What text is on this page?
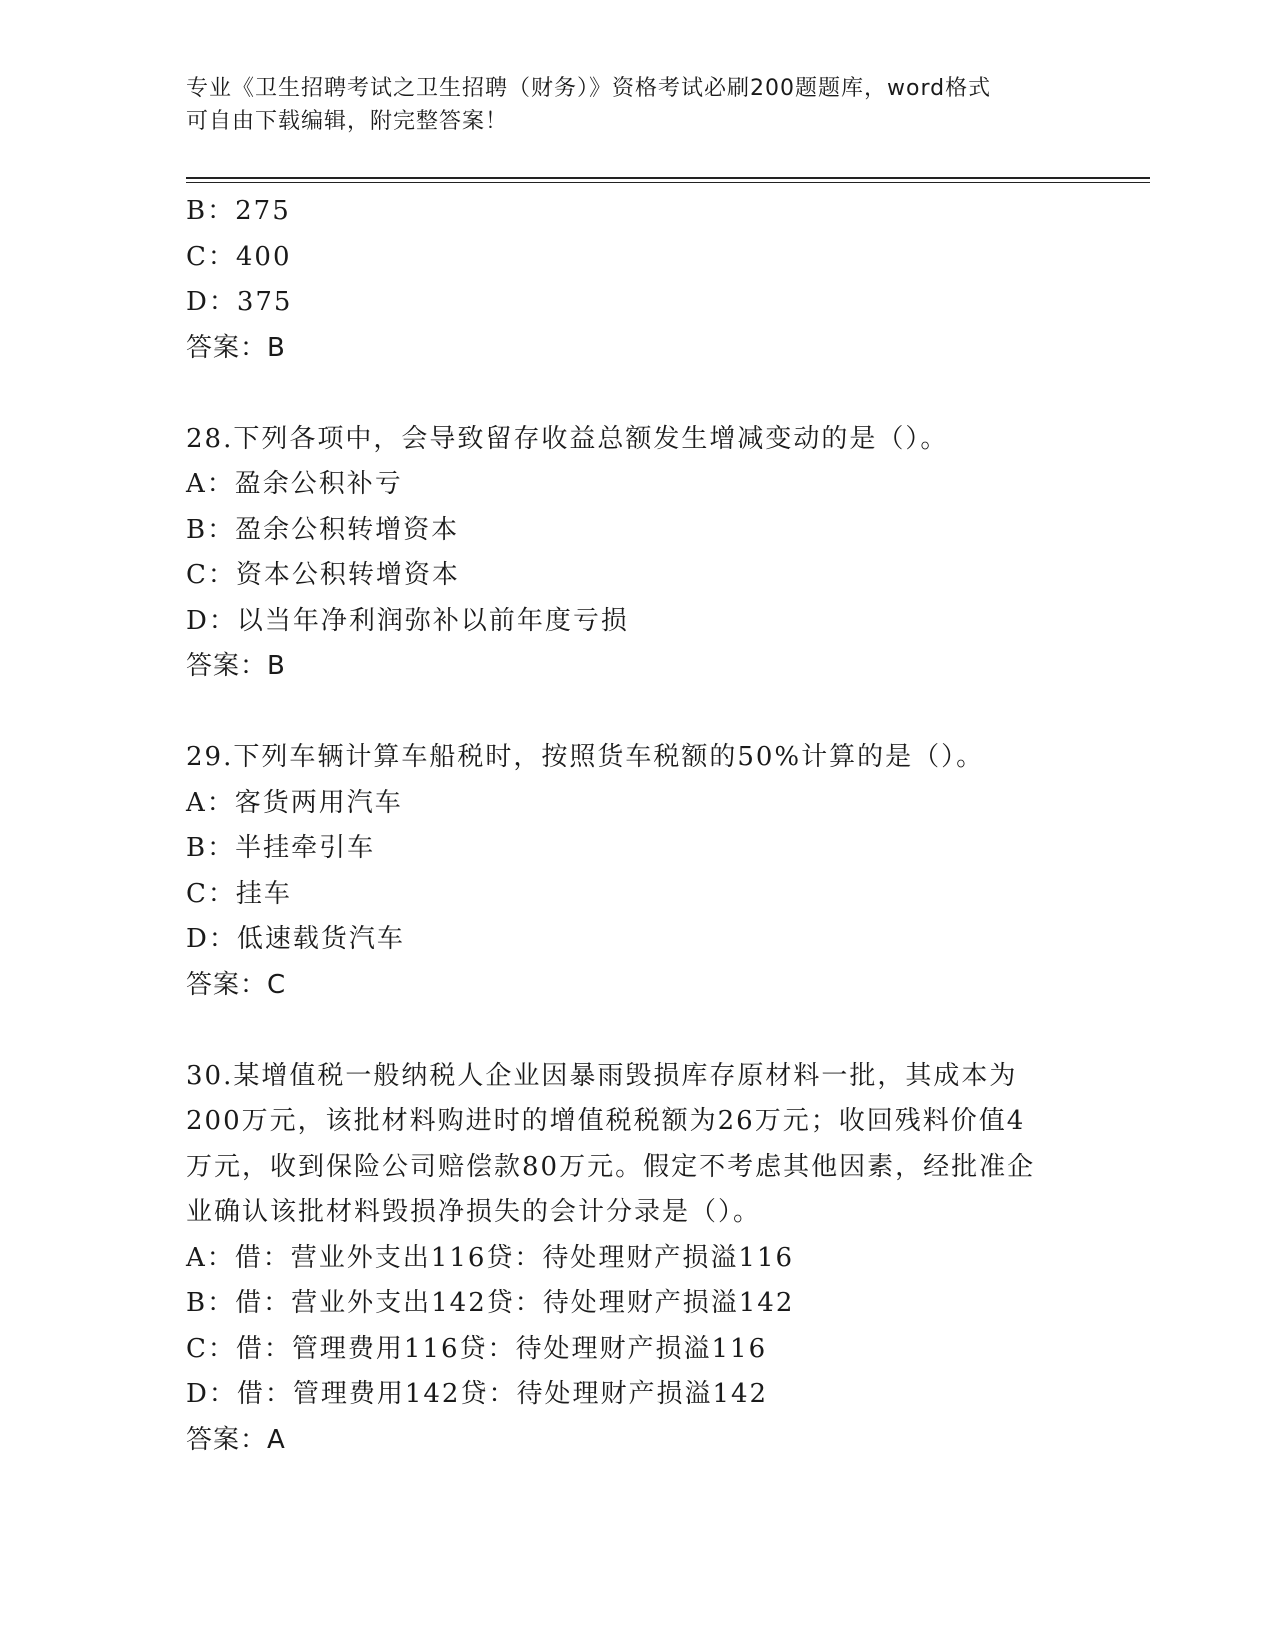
专业《卫生招聘考试之卫生招聘（财务）》资格考试必刷200题题库，word格式
可自由下载编辑，附完整答案！
B：275
C：400
D：375
答案：B
28.下列各项中，会导致留存收益总额发生增减变动的是（）。
A：盈余公积补亏
B：盈余公积转增资本
C：资本公积转增资本
D：以当年净利润弥补以前年度亏损
答案：B
29.下列车辆计算车船税时，按照货车税额的50%计算的是（）。
A：客货两用汽车
B：半挂牵引车
C：挂车
D：低速载货汽车
答案：C
30.某增值税一般纳税人企业因暴雨毁损库存原材料一批，其成本为
200万元，该批材料购进时的增值税税额为26万元；收回残料价值4
万元，收到保险公司赔偿款80万元。假定不考虑其他因素，经批准企
业确认该批材料毁损净损失的会计分录是（）。
A：借：营业外支出116贷：待处理财产损溢116
B：借：营业外支出142贷：待处理财产损溢142
C：借：管理费用116贷：待处理财产损溢116
D：借：管理费用142贷：待处理财产损溢142
答案：A
